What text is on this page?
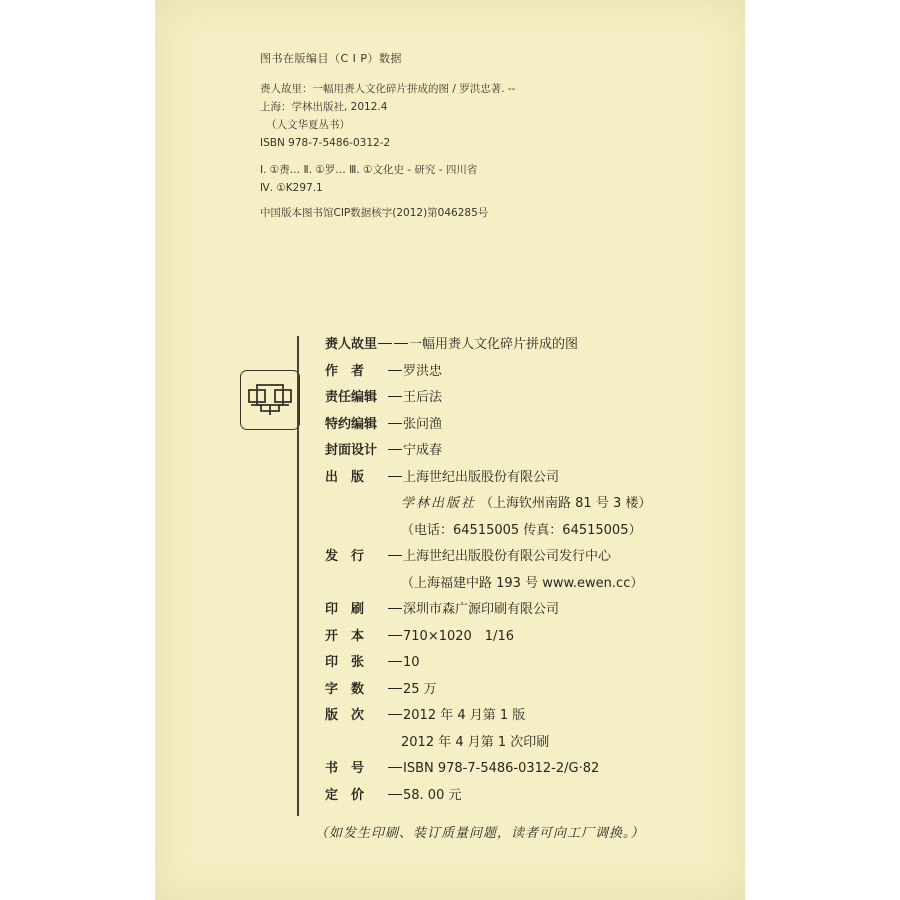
图书在版编目（C I P）数据
赉人故里：一幅用赉人文化碎片拼成的图 / 罗洪忠著. --
上海：学林出版社, 2012.4
（人文华夏丛书）
ISBN 978-7-5486-0312-2
Ⅰ. ①赉… Ⅱ. ①罗… Ⅲ. ①文化史 - 研究 - 四川省
Ⅳ. ①K297.1
中国版本图书馆CIP数据核字(2012)第046285号
赉人故里 一幅用赉人文化碎片拼成的图
作　者	罗洪忠
责任编辑	王后法
特约编辑	张问渔
封面设计	宁成春
出　版	上海世纪出版股份有限公司
学林出版社 （上海钦州南路 81 号 3 楼）
（电话：64515005 传真：64515005）
发　行	上海世纪出版股份有限公司发行中心
（上海福建中路 193 号 www.ewen.cc）
印　刷	深圳市森广源印刷有限公司
开　本	710×1020　1/16
印　张	10
字　数	25 万
版　次	2012 年 4 月第 1 版
2012 年 4 月第 1 次印刷
书　号	ISBN 978-7-5486-0312-2/G·82
定　价	58. 00 元
（如发生印刷、装订质量问题，读者可向工厂调换。）
